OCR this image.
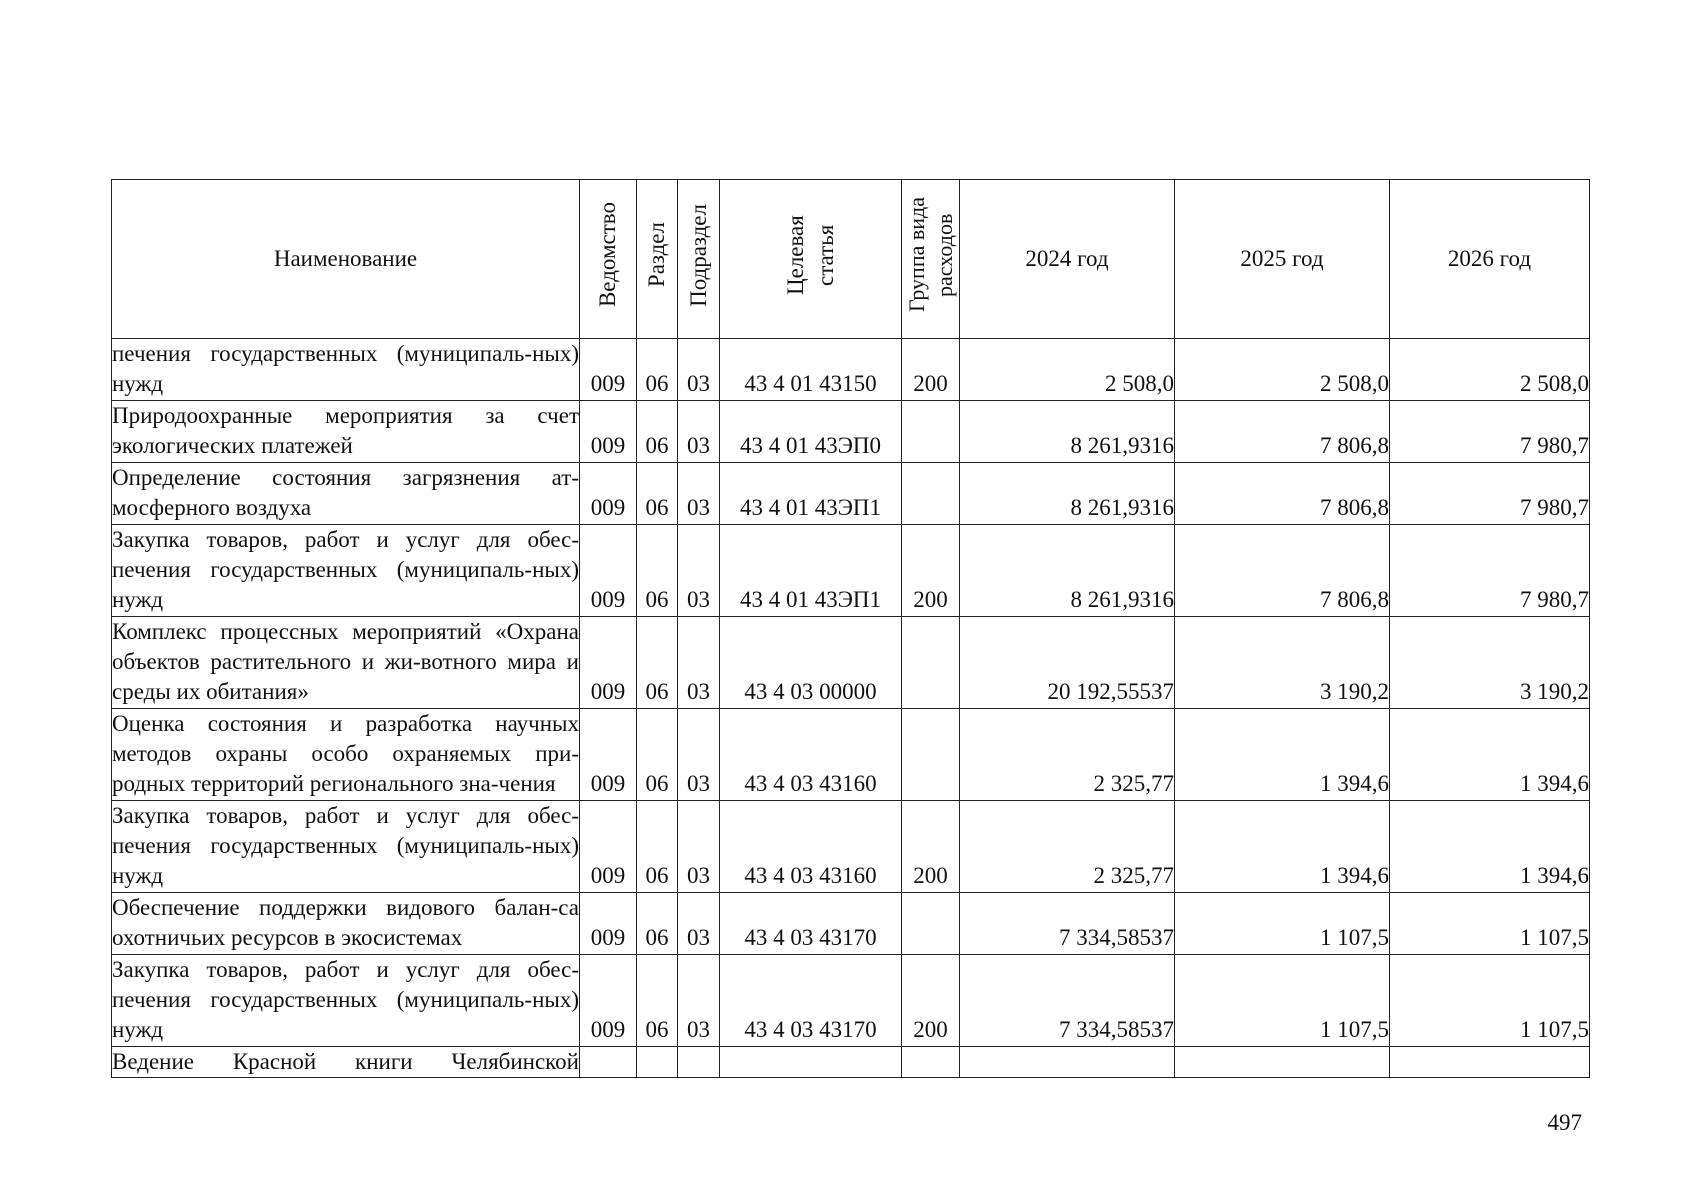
Наименование	Ведомство	Раздел	Подраздел	Целевая статья	Группа вида расходов	2024 год	2025 год	2026 год
печения государственных (муниципаль-ных) нужд	009	06	03	43 4 01 43150	200	2 508,0	2 508,0	2 508,0
Природоохранные мероприятия за счет экологических платежей	009	06	03	43 4 01 43ЭП0		8 261,9316	7 806,8	7 980,7
Определение состояния загрязнения ат-мосферного воздуха	009	06	03	43 4 01 43ЭП1		8 261,9316	7 806,8	7 980,7
Закупка товаров, работ и услуг для обес-печения государственных (муниципаль-ных) нужд	009	06	03	43 4 01 43ЭП1	200	8 261,9316	7 806,8	7 980,7
Комплекс процессных мероприятий «Охрана объектов растительного и жи-вотного мира и среды их обитания»	009	06	03	43 4 03 00000		20 192,55537	3 190,2	3 190,2
Оценка состояния и разработка научных методов охраны особо охраняемых при-родных территорий регионального зна-чения	009	06	03	43 4 03 43160		2 325,77	1 394,6	1 394,6
Закупка товаров, работ и услуг для обес-печения государственных (муниципаль-ных) нужд	009	06	03	43 4 03 43160	200	2 325,77	1 394,6	1 394,6
Обеспечение поддержки видового балан-са охотничьих ресурсов в экосистемах	009	06	03	43 4 03 43170		7 334,58537	1 107,5	1 107,5
Закупка товаров, работ и услуг для обес-печения государственных (муниципаль-ных) нужд	009	06	03	43 4 03 43170	200	7 334,58537	1 107,5	1 107,5
Ведение Красной книги Челябинской								
497
